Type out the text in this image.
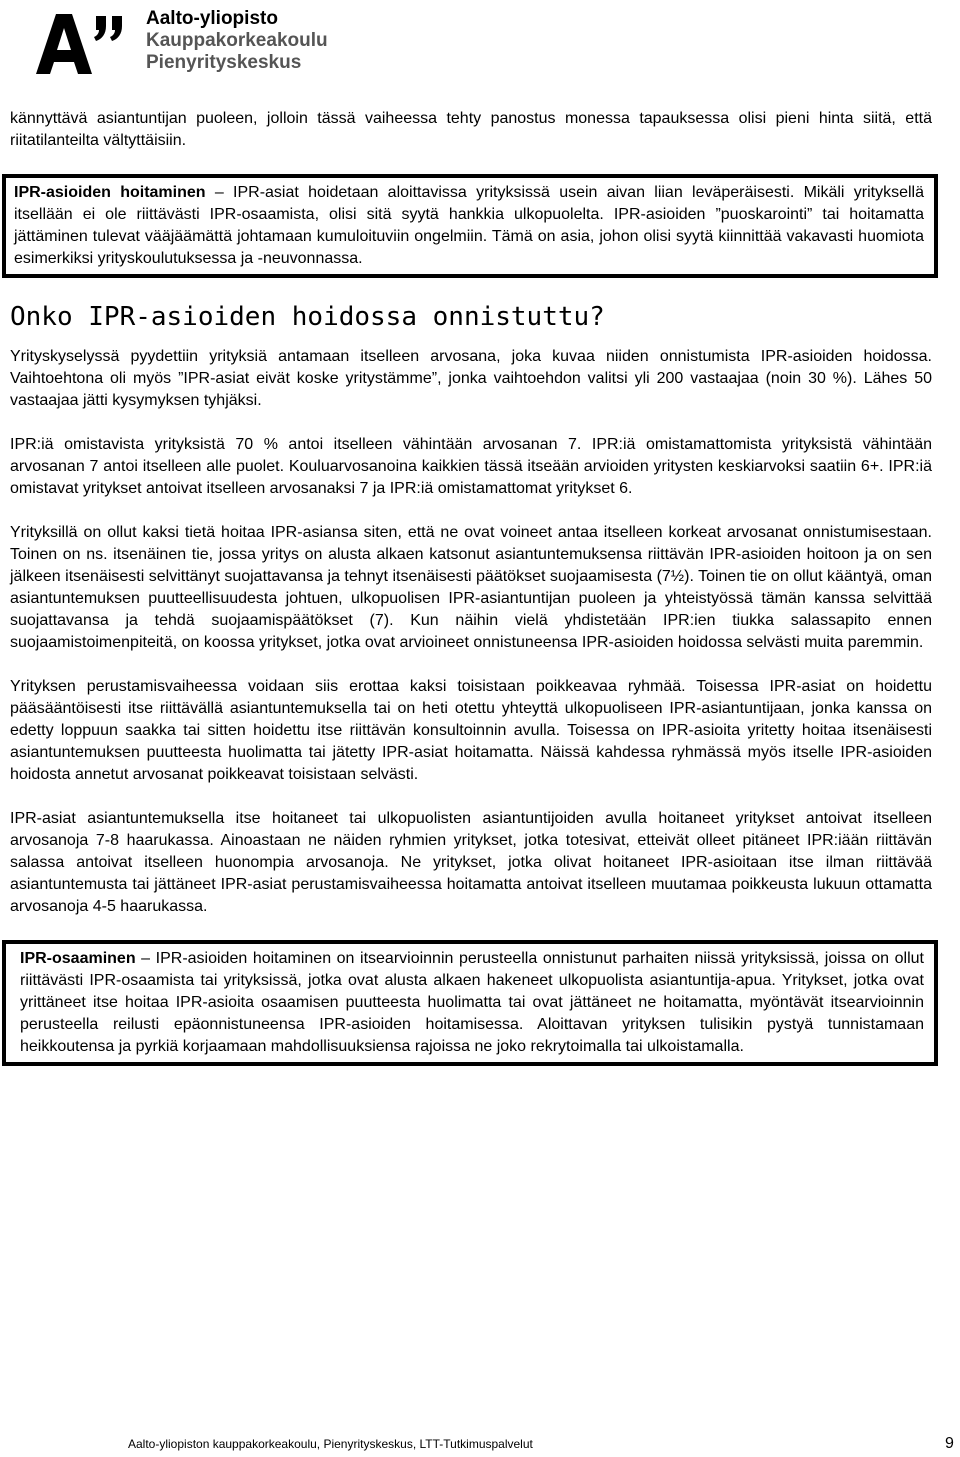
Aalto-yliopisto
Kauppakorkeakoulu
Pienyrityskeskus

kännyttävä asiantuntijan puoleen, jolloin tässä vaiheessa tehty panostus monessa tapauksessa olisi pieni hinta siitä, että riitatilanteilta vältyttäisiin.

IPR-asioiden hoitaminen – IPR-asiat hoidetaan aloittavissa yrityksissä usein aivan liian leväperäisesti. Mikäli yrityksellä itsellään ei ole riittävästi IPR-osaamista, olisi sitä syytä hankkia ulkopuolelta. IPR-asioiden ”puoskarointi” tai hoitamatta jättäminen tulevat vääjäämättä johtamaan kumuloituviin ongelmiin. Tämä on asia, johon olisi syytä kiinnittää vakavasti huomiota esimerkiksi yrityskoulutuksessa ja -neuvonnassa.

Onko IPR-asioiden hoidossa onnistuttu?

Yrityskyselyssä pyydettiin yrityksiä antamaan itselleen arvosana, joka kuvaa niiden onnistumista IPR-asioiden hoidossa. Vaihtoehtona oli myös ”IPR-asiat eivät koske yritystämme”, jonka vaihtoehdon valitsi yli 200 vastaajaa (noin 30 %). Lähes 50 vastaajaa jätti kysymyksen tyhjäksi.

IPR:iä omistavista yrityksistä 70 % antoi itselleen vähintään arvosanan 7. IPR:iä omistamattomista yrityksistä vähintään arvosanan 7 antoi itselleen alle puolet. Kouluarvosanoina kaikkien tässä itseään arvioiden yritysten keskiarvoksi saatiin 6+. IPR:iä omistavat yritykset antoivat itselleen arvosanaksi 7 ja IPR:iä omistamattomat yritykset 6.

Yrityksillä on ollut kaksi tietä hoitaa IPR-asiansa siten, että ne ovat voineet antaa itselleen korkeat arvosanat onnistumisestaan. Toinen on ns. itsenäinen tie, jossa yritys on alusta alkaen katsonut asiantuntemuksensa riittävän IPR-asioiden hoitoon ja on sen jälkeen itsenäisesti selvittänyt suojattavansa ja tehnyt itsenäisesti päätökset suojaamisesta (7½). Toinen tie on ollut kääntyä, oman asiantuntemuksen puutteellisuudesta johtuen, ulkopuolisen IPR-asiantuntijan puoleen ja yhteistyössä tämän kanssa selvittää suojattavansa ja tehdä suojaamispäätökset (7). Kun näihin vielä yhdistetään IPR:ien tiukka salassapito ennen suojaamistoimenpiteitä, on koossa yritykset, jotka ovat arvioineet onnistuneensa IPR-asioiden hoidossa selvästi muita paremmin.

Yrityksen perustamisvaiheessa voidaan siis erottaa kaksi toisistaan poikkeavaa ryhmää. Toisessa IPR-asiat on hoidettu pääsääntöisesti itse riittävällä asiantuntemuksella tai on heti otettu yhteyttä ulkopuoliseen IPR-asiantuntijaan, jonka kanssa on edetty loppuun saakka tai sitten hoidettu itse riittävän konsultoinnin avulla. Toisessa on IPR-asioita yritetty hoitaa itsenäisesti asiantuntemuksen puutteesta huolimatta tai jätetty IPR-asiat hoitamatta. Näissä kahdessa ryhmässä myös itselle IPR-asioiden hoidosta annetut arvosanat poikkeavat toisistaan selvästi.

IPR-asiat asiantuntemuksella itse hoitaneet tai ulkopuolisten asiantuntijoiden avulla hoitaneet yritykset antoivat itselleen arvosanoja 7-8 haarukassa. Ainoastaan ne näiden ryhmien yritykset, jotka totesivat, etteivät olleet pitäneet IPR:iään riittävän salassa antoivat itselleen huonompia arvosanoja. Ne yritykset, jotka olivat hoitaneet IPR-asioitaan itse ilman riittävää asiantuntemusta tai jättäneet IPR-asiat perustamisvaiheessa hoitamatta antoivat itselleen muutamaa poikkeusta lukuun ottamatta arvosanoja 4-5 haarukassa.

IPR-osaaminen – IPR-asioiden hoitaminen on itsearvioinnin perusteella onnistunut parhaiten niissä yrityksissä, joissa on ollut riittävästi IPR-osaamista tai yrityksissä, jotka ovat alusta alkaen hakeneet ulkopuolista asiantuntija-apua. Yritykset, jotka ovat yrittäneet itse hoitaa IPR-asioita osaamisen puutteesta huolimatta tai ovat jättäneet ne hoitamatta, myöntävät itsearvioinnin perusteella reilusti epäonnistuneensa IPR-asioiden hoitamisessa. Aloittavan yrityksen tulisikin pystyä tunnistamaan heikkoutensa ja pyrkiä korjaamaan mahdollisuuksiensa rajoissa ne joko rekrytoimalla tai ulkoistamalla.

Aalto-yliopiston kauppakorkeakoulu, Pienyrityskeskus, LTT-Tutkimuspalvelut	9
